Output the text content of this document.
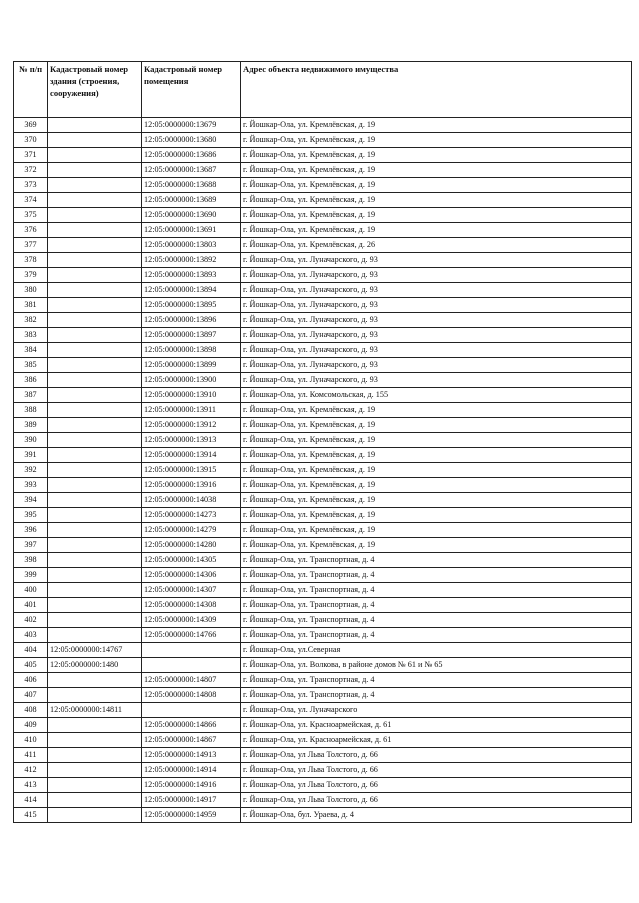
№ п/п	Кадастровый номер здания (строения, сооружения)	Кадастровый номер помещения	Адрес объекта недвижимого имущества
369		12:05:0000000:13679	г. Йошкар-Ола, ул. Кремлёвская, д. 19
370		12:05:0000000:13680	г. Йошкар-Ола, ул. Кремлёвская, д. 19
371		12:05:0000000:13686	г. Йошкар-Ола, ул. Кремлёвская, д. 19
372		12:05:0000000:13687	г. Йошкар-Ола, ул. Кремлёвская, д. 19
373		12:05:0000000:13688	г. Йошкар-Ола, ул. Кремлёвская, д. 19
374		12:05:0000000:13689	г. Йошкар-Ола, ул. Кремлёвская, д. 19
375		12:05:0000000:13690	г. Йошкар-Ола, ул. Кремлёвская, д. 19
376		12:05:0000000:13691	г. Йошкар-Ола, ул. Кремлёвская, д. 19
377		12:05:0000000:13803	г. Йошкар-Ола, ул. Кремлёвская, д. 26
378		12:05:0000000:13892	г. Йошкар-Ола, ул. Луначарского, д. 93
379		12:05:0000000:13893	г. Йошкар-Ола, ул. Луначарского, д. 93
380		12:05:0000000:13894	г. Йошкар-Ола, ул. Луначарского, д. 93
381		12:05:0000000:13895	г. Йошкар-Ола, ул. Луначарского, д. 93
382		12:05:0000000:13896	г. Йошкар-Ола, ул. Луначарского, д. 93
383		12:05:0000000:13897	г. Йошкар-Ола, ул. Луначарского, д. 93
384		12:05:0000000:13898	г. Йошкар-Ола, ул. Луначарского, д. 93
385		12:05:0000000:13899	г. Йошкар-Ола, ул. Луначарского, д. 93
386		12:05:0000000:13900	г. Йошкар-Ола, ул. Луначарского, д. 93
387		12:05:0000000:13910	г. Йошкар-Ола, ул. Комсомольская, д. 155
388		12:05:0000000:13911	г. Йошкар-Ола, ул. Кремлёвская, д. 19
389		12:05:0000000:13912	г. Йошкар-Ола, ул. Кремлёвская, д. 19
390		12:05:0000000:13913	г. Йошкар-Ола, ул. Кремлёвская, д. 19
391		12:05:0000000:13914	г. Йошкар-Ола, ул. Кремлёвская, д. 19
392		12:05:0000000:13915	г. Йошкар-Ола, ул. Кремлёвская, д. 19
393		12:05:0000000:13916	г. Йошкар-Ола, ул. Кремлёвская, д. 19
394		12:05:0000000:14038	г. Йошкар-Ола, ул. Кремлёвская, д. 19
395		12:05:0000000:14273	г. Йошкар-Ола, ул. Кремлёвская, д. 19
396		12:05:0000000:14279	г. Йошкар-Ола, ул. Кремлёвская, д. 19
397		12:05:0000000:14280	г. Йошкар-Ола, ул. Кремлёвская, д. 19
398		12:05:0000000:14305	г. Йошкар-Ола, ул. Транспортная, д. 4
399		12:05:0000000:14306	г. Йошкар-Ола, ул. Транспортная, д. 4
400		12:05:0000000:14307	г. Йошкар-Ола, ул. Транспортная, д. 4
401		12:05:0000000:14308	г. Йошкар-Ола, ул. Транспортная, д. 4
402		12:05:0000000:14309	г. Йошкар-Ола, ул. Транспортная, д. 4
403		12:05:0000000:14766	г. Йошкар-Ола, ул. Транспортная, д. 4
404	12:05:0000000:14767		г. Йошкар-Ола, ул.Северная
405	12:05:0000000:1480		г. Йошкар-Ола, ул. Волкова, в районе домов № 61 и № 65
406		12:05:0000000:14807	г. Йошкар-Ола, ул. Транспортная, д. 4
407		12:05:0000000:14808	г. Йошкар-Ола, ул. Транспортная, д. 4
408	12:05:0000000:14811		г. Йошкар-Ола, ул. Луначарского
409		12:05:0000000:14866	г. Йошкар-Ола, ул. Красноармейская, д. 61
410		12:05:0000000:14867	г. Йошкар-Ола, ул. Красноармейская, д. 61
411		12:05:0000000:14913	г. Йошкар-Ола, ул Льва Толстого, д. 66
412		12:05:0000000:14914	г. Йошкар-Ола, ул Льва Толстого, д. 66
413		12:05:0000000:14916	г. Йошкар-Ола, ул Льва Толстого, д. 66
414		12:05:0000000:14917	г. Йошкар-Ола, ул Льва Толстого, д. 66
415		12:05:0000000:14959	г. Йошкар-Ола, бул. Ураева, д. 4
